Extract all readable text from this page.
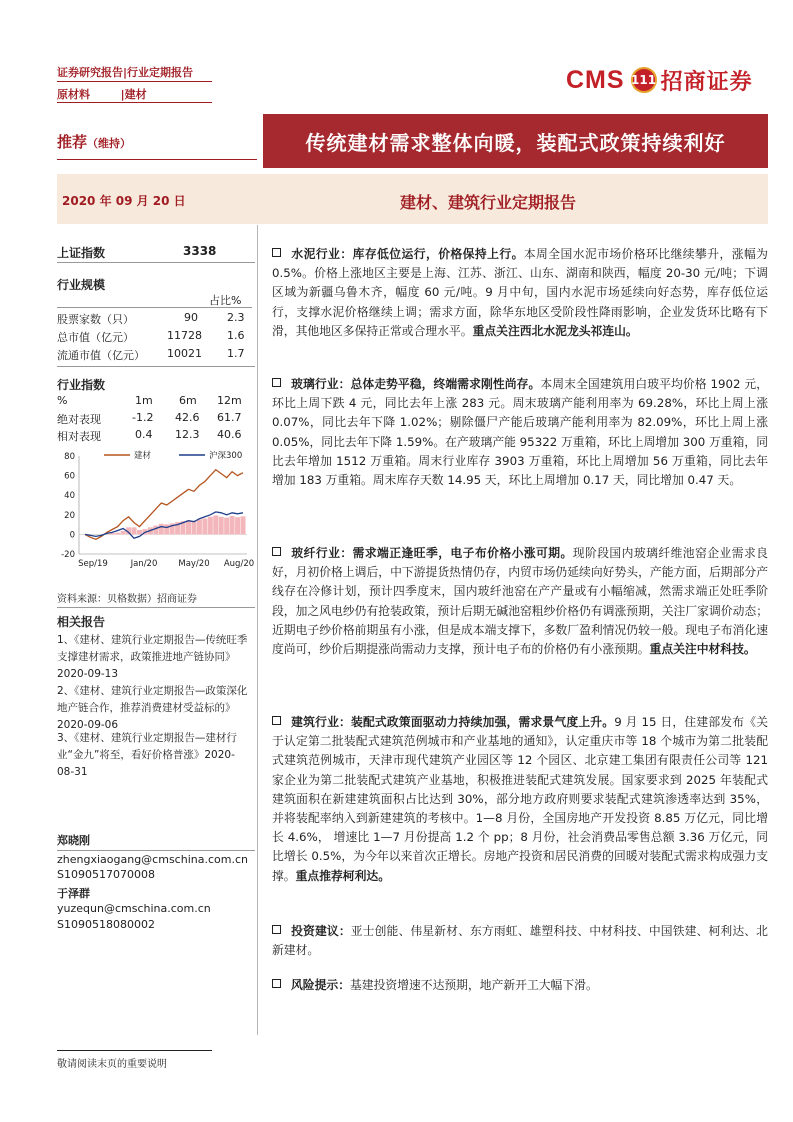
证券研究报告|行业定期报告
原材料	|建材
CMS 111 招商证券
推荐（维持）	传统建材需求整体向暖，装配式政策持续利好
2020 年 09 月 20 日	建材、建筑行业定期报告
上证指数	3338
行业规模
占比%
股票家数（只）	90	2.3
总市值（亿元）	11728 1.6
流通市值（亿元） 10021 1.7
行业指数
%	1m 6m 12m
绝对表现	-1.2 42.6 61.7
相对表现	0.4 12.3 40.6
80
60
40
20
0
-20
Sep/19	Jan/20 May/20 Aug/20
建材	沪深300
资料来源：贝格数据）招商证券
相关报告
1、《建材、建筑行业定期报告—传统旺季支撑建材需求，政策推进地产链协同》2020-09-13
2、《建材、建筑行业定期报告—政策深化地产链合作，推荐消费建材受益标的》2020-09-06
3、《建材、建筑行业定期报告—建材行业“金九”将至，看好价格普涨》2020-08-31
郑晓刚
zhengxiaogang@cmschina.com.cn
S1090517070008
于泽群
yuzequn@cmschina.com.cn
S1090518080002
水泥行业：库存低位运行，价格保持上行。本周全国水泥市场价格环比继续攀升，涨幅为 0.5%。价格上涨地区主要是上海、江苏、浙江、山东、湖南和陕西，幅度 20-30 元/吨；下调区域为新疆乌鲁木齐，幅度 60 元/吨。9 月中旬，国内水泥市场延续向好态势，库存低位运行，支撑水泥价格继续上调；需求方面，除华东地区受阶段性降雨影响，企业发货环比略有下滑，其他地区多保持正常或合理水平。重点关注西北水泥龙头祁连山。
玻璃行业：总体走势平稳，终端需求刚性尚存。本周末全国建筑用白玻平均价格 1902 元，环比上周下跌 4 元，同比去年上涨 283 元。周末玻璃产能利用率为 69.28%，环比上周上涨 0.07%，同比去年下降 1.02%；剔除僵尸产能后玻璃产能利用率为 82.09%，环比上周上涨 0.05%，同比去年下降 1.59%。在产玻璃产能 95322 万重箱，环比上周增加 300 万重箱，同比去年增加 1512 万重箱。周末行业库存 3903 万重箱，环比上周增加 56 万重箱，同比去年增加 183 万重箱。周末库存天数 14.95 天，环比上周增加 0.17 天，同比增加 0.47 天。
玻纤行业：需求端正逢旺季，电子布价格小涨可期。现阶段国内玻璃纤维池窑企业需求良好，月初价格上调后，中下游提货热情仍存，内贸市场仍延续向好势头，产能方面，后期部分产线存在冷修计划，预计四季度末，国内玻纤池窑在产产量或有小幅缩减，然需求端正处旺季阶段，加之风电纱仍有抢装政策，预计后期无碱池窑粗纱价格仍有调涨预期，关注厂家调价动态；近期电子纱价格前期虽有小涨，但是成本端支撑下，多数厂盈利情况仍较一般。现电子布消化速度尚可，纱价后期提涨尚需动力支撑，预计电子布的价格仍有小涨预期。重点关注中材科技。
建筑行业：装配式政策面驱动力持续加强，需求景气度上升。9 月 15 日，住建部发布《关于认定第二批装配式建筑范例城市和产业基地的通知》，认定重庆市等 18 个城市为第二批装配式建筑范例城市，天津市现代建筑产业园区等 12 个园区、北京建工集团有限责任公司等 121 家企业为第二批装配式建筑产业基地，积极推进装配式建筑发展。国家要求到 2025 年装配式建筑面积在新建建筑面积占比达到 30%，部分地方政府则要求装配式建筑渗透率达到 35%，并将装配率纳入到新建建筑的考核中。1—8 月份，全国房地产开发投资 8.85 万亿元，同比增长 4.6%， 增速比 1—7 月份提高 1.2 个 pp；8 月份，社会消费品零售总额 3.36 万亿元，同比增长 0.5%，为今年以来首次正增长。房地产投资和居民消费的回暖对装配式需求构成强力支撑。重点推荐柯利达。
投资建议：亚士创能、伟星新材、东方雨虹、雄塑科技、中材科技、中国铁建、柯利达、北新建材。
风险提示：基建投资增速不达预期，地产新开工大幅下滑。
敬请阅读末页的重要说明
